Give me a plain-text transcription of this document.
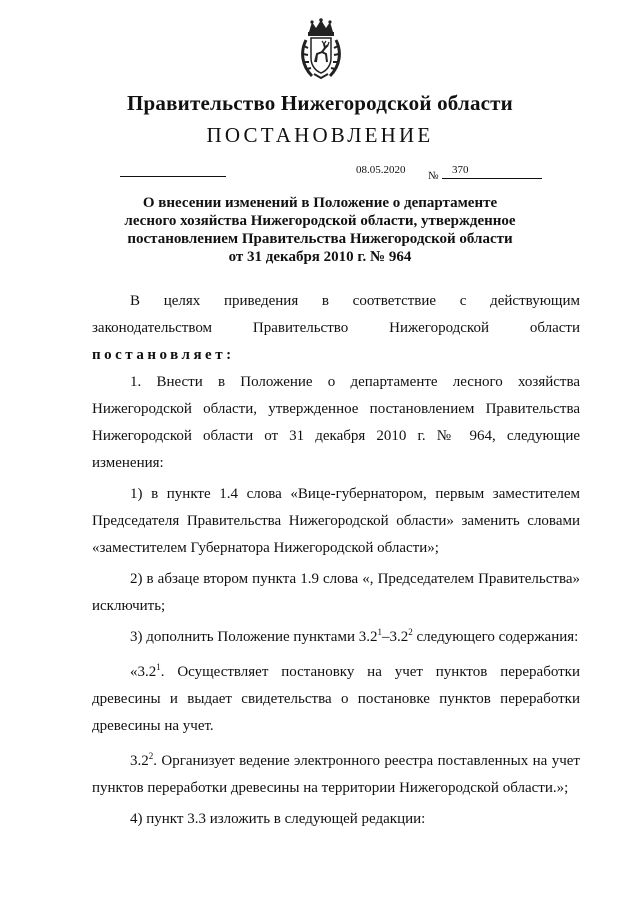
Правительство Нижегородской области
ПОСТАНОВЛЕНИЕ
08.05.2020 № 370
О внесении изменений в Положение о департаменте
лесного хозяйства Нижегородской области, утвержденное
постановлением Правительства Нижегородской области
от 31 декабря 2010 г. № 964

В целях приведения в соответствие с действующим

законодательством Правительство Нижегородской области

постановляет:

1. Внести в Положение о департаменте лесного хозяйства Нижегородской области, утвержденное постановлением Правительства Нижегородской области от 31 декабря 2010 г. № 964, следующие изменения:

1) в пункте 1.4 слова «Вице-губернатором, первым заместителем Председателя Правительства Нижегородской области» заменить словами «заместителем Губернатора Нижегородской области»;

2) в абзаце втором пункта 1.9 слова «, Председателем Правительства» исключить;

3) дополнить Положение пунктами $3.2^1-3.2^2$ следующего содержания:

«$3.2^1$. Осуществляет постановку на учет пунктов переработки древесины и выдает свидетельства о постановке пунктов переработки древесины на учет.

$3.2^2$. Организует ведение электронного реестра поставленных на учет пунктов переработки древесины на территории Нижегородской области.»;

4) пункт 3.3 изложить в следующей редакции:
